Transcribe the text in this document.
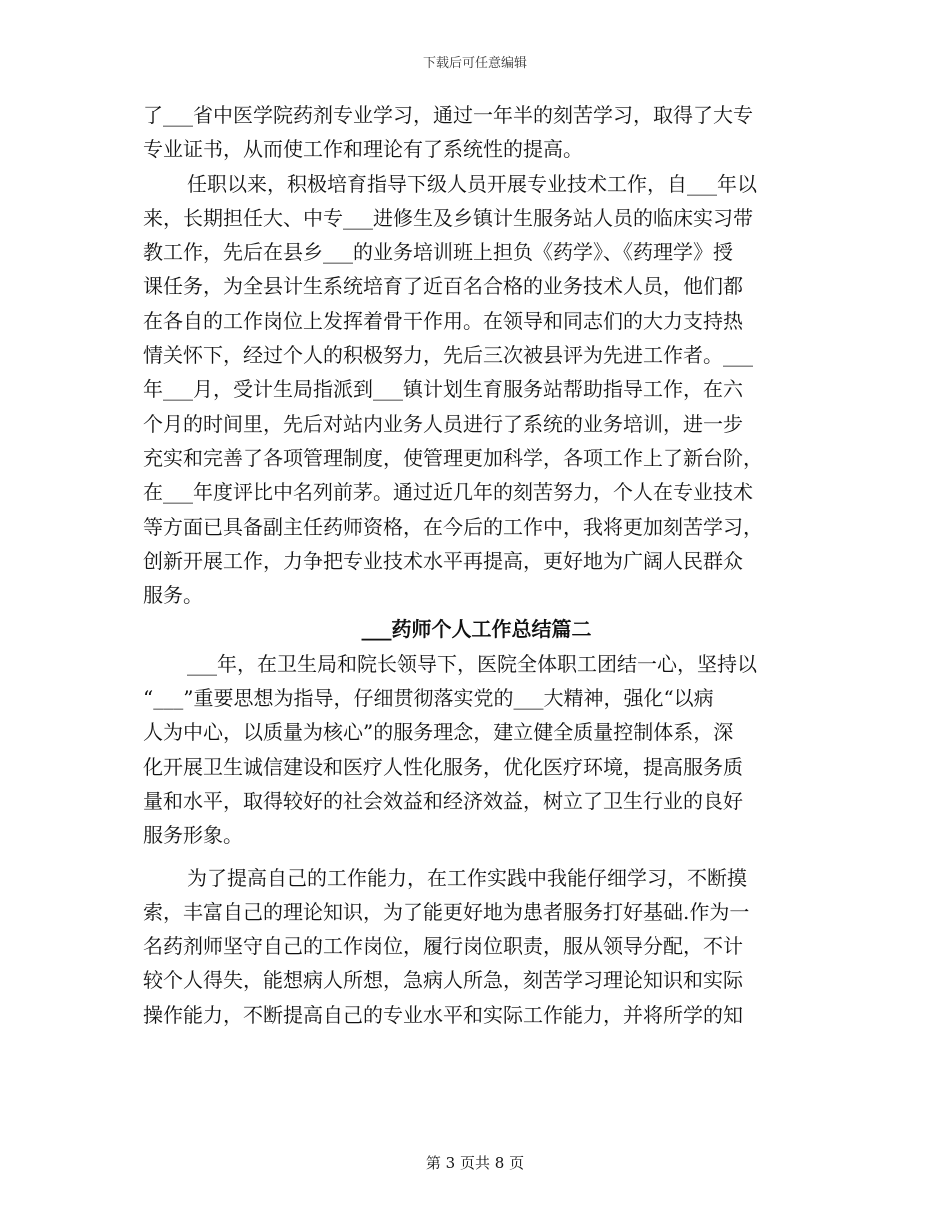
下载后可任意编辑

了___省中医学院药剂专业学习，通过一年半的刻苦学习，取得了大专
专业证书，从而使工作和理论有了系统性的提高。

任职以来，积极培育指导下级人员开展专业技术工作，自___年以
来，长期担任大、中专___进修生及乡镇计生服务站人员的临床实习带
教工作，先后在县乡___的业务培训班上担负《药学》、《药理学》授
课任务，为全县计生系统培育了近百名合格的业务技术人员，他们都
在各自的工作岗位上发挥着骨干作用。在领导和同志们的大力支持热
情关怀下，经过个人的积极努力，先后三次被县评为先进工作者。___
年___月，受计生局指派到___镇计划生育服务站帮助指导工作，在六
个月的时间里，先后对站内业务人员进行了系统的业务培训，进一步
充实和完善了各项管理制度，使管理更加科学，各项工作上了新台阶，
在___年度评比中名列前茅。通过近几年的刻苦努力，个人在专业技术
等方面已具备副主任药师资格，在今后的工作中，我将更加刻苦学习，
创新开展工作，力争把专业技术水平再提高，更好地为广阔人民群众
服务。

___药师个人工作总结篇二

___年，在卫生局和院长领导下，医院全体职工团结一心，坚持以
“___”重要思想为指导，仔细贯彻落实党的___大精神，强化“以病
人为中心，以质量为核心”的服务理念，建立健全质量控制体系，深
化开展卫生诚信建设和医疗人性化服务，优化医疗环境，提高服务质
量和水平，取得较好的社会效益和经济效益，树立了卫生行业的良好
服务形象。

为了提高自己的工作能力，在工作实践中我能仔细学习，不断摸
索，丰富自己的理论知识，为了能更好地为患者服务打好基础.作为一
名药剂师坚守自己的工作岗位，履行岗位职责，服从领导分配，不计
较个人得失，能想病人所想，急病人所急，刻苦学习理论知识和实际
操作能力，不断提高自己的专业水平和实际工作能力，并将所学的知

第 3 页共 8 页
